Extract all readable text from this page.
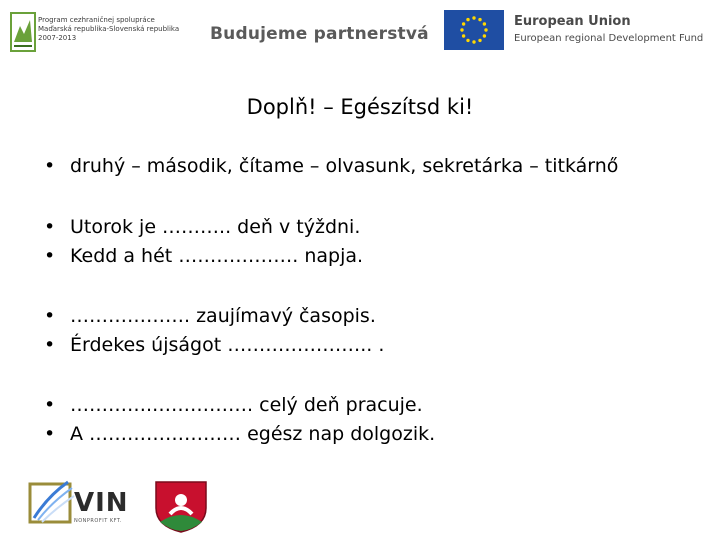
Program cezhraničnej spolupráce
Maďarská republika-Slovenská republika
2007-2013	Budujeme partnerstvá
European Union
European regional Development Fund
Doplň! – Egészítsd ki!
• druhý – második, čítame – olvasunk, sekretárka – titkárnő
• Utorok je ……….. deň v týždni.
• Kedd a hét ………………. napja.
• ………………. zaujímavý časopis.
• Érdekes újságot ………………….. .
• ………….……………. celý deň pracuje.
• A …………………… egész nap dolgozik.
VIN
NONPROFIT KFT.
